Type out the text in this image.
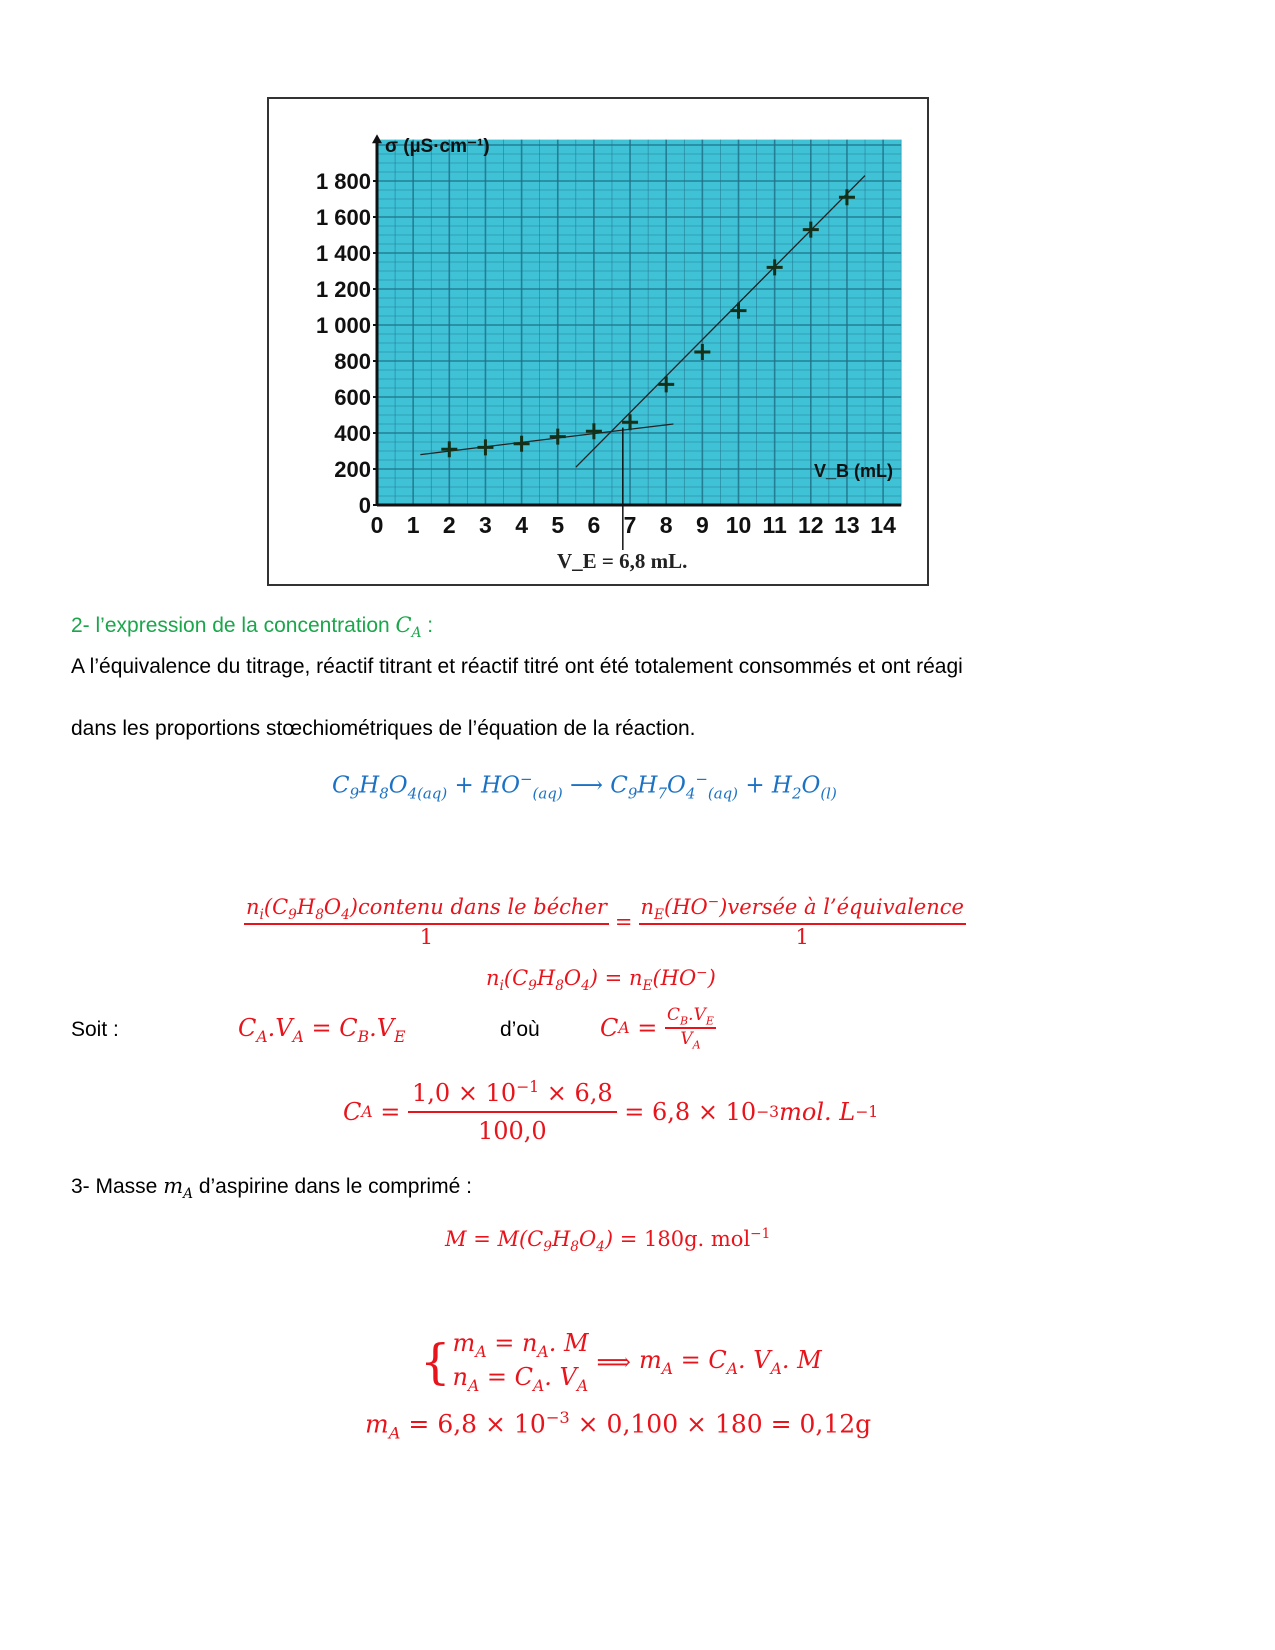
0 1 2 3 4 5 6 7 8 9 10 11 12 13 14
0
200
400
600
800
1 000
1 200
1 400
1 600
1 800
σ (µS·cm⁻¹)
V_B (mL)
V_E = 6,8 mL.
2- l’expression de la concentration $C_A$ :
A l’équivalence du titrage, réactif titrant et réactif titré ont été totalement consommés et ont réagi
dans les proportions stœchiométriques de l’équation de la réaction.
$C_9H_8O_{4(aq)} + HO^-_{(aq)}$ ⟶ $C_9H_7O_4^-_{(aq)} + H_2O_{(l)}$
$\frac{n_i(C_9H_8O_4)contenu dans le bécher}{1} = \frac{n_E(HO^-)versée à l’équivalence}{1}$
$n_i(C_9H_8O_4) = n_E(HO^-)$
Soit :	$C_A.V_A = C_B.V_E$	d’où	C A
=
$\frac{C_B.V_E}{V_A}$
C A
=
$\frac{1,0 \times 10^{-1} \times 6,8}{100,0}$
= 6,8 × 10 −3 mol. L −1
3- Masse $m_A$ d’aspirine dans le comprimé :
$M = M(C_9H_8O_4) = 180g$. mol$^{-1}$
{ $m_A = n_A$. M
$n_A = C_A$. $V_A$
⟹ $m_A = C_A$. $V_A$. M
$m_A = 6,8 \times 10^{-3} \times 0,100 \times 180 = 0,12g$
